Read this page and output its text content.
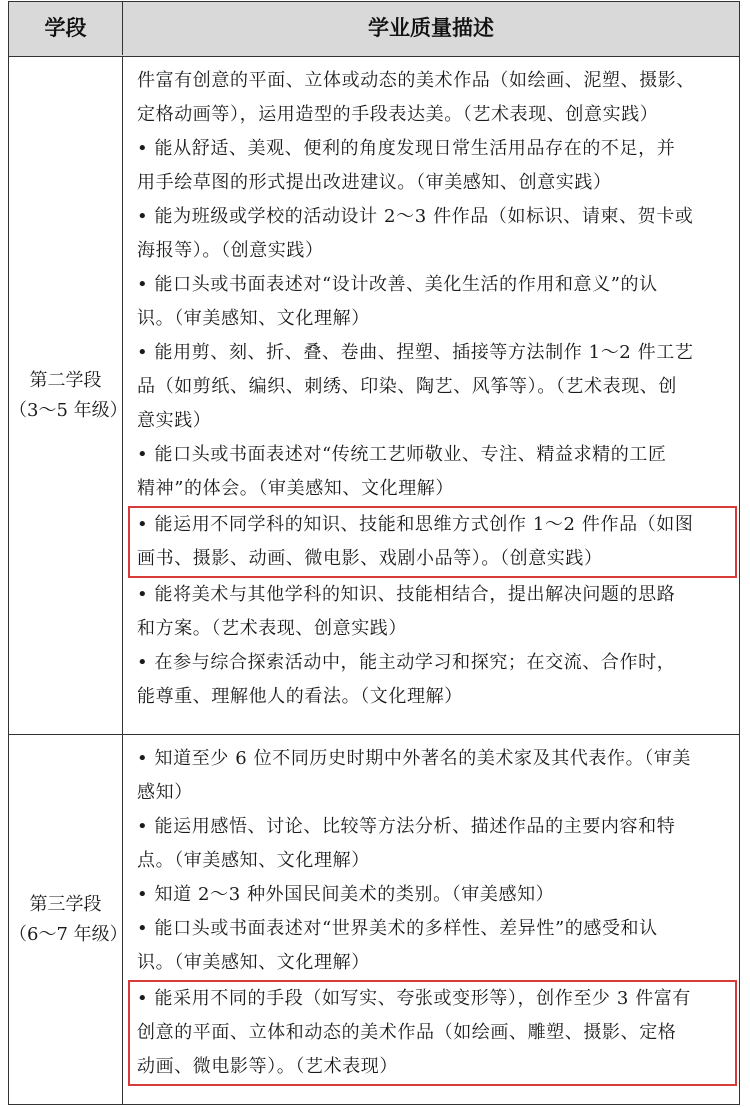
学段	学业质量描述
第二学段
（3～5 年级）

件富有创意的平面、立体或动态的美术作品（如绘画、泥塑、摄影、
定格动画等），运用造型的手段表达美。（艺术表现、创意实践）

• 能从舒适、美观、便利的角度发现日常生活用品存在的不足，并
用手绘草图的形式提出改进建议。（审美感知、创意实践）

• 能为班级或学校的活动设计 2～3 件作品（如标识、请柬、贺卡或
海报等）。（创意实践）

• 能口头或书面表述对“设计改善、美化生活的作用和意义”的认
识。（审美感知、文化理解）

• 能用剪、刻、折、叠、卷曲、捏塑、插接等方法制作 1～2 件工艺
品（如剪纸、编织、刺绣、印染、陶艺、风筝等）。（艺术表现、创
意实践）

• 能口头或书面表述对“传统工艺师敬业、专注、精益求精的工匠
精神”的体会。（审美感知、文化理解）

• 能运用不同学科的知识、技能和思维方式创作 1～2 件作品（如图
画书、摄影、动画、微电影、戏剧小品等）。（创意实践）

• 能将美术与其他学科的知识、技能相结合，提出解决问题的思路
和方案。（艺术表现、创意实践）

• 在参与综合探索活动中，能主动学习和探究；在交流、合作时，
能尊重、理解他人的看法。（文化理解）

第三学段
（6～7 年级）

• 知道至少 6 位不同历史时期中外著名的美术家及其代表作。（审美
感知）

• 能运用感悟、讨论、比较等方法分析、描述作品的主要内容和特
点。（审美感知、文化理解）

• 知道 2～3 种外国民间美术的类别。（审美感知）

• 能口头或书面表述对“世界美术的多样性、差异性”的感受和认
识。（审美感知、文化理解）

• 能采用不同的手段（如写实、夸张或变形等），创作至少 3 件富有
创意的平面、立体和动态的美术作品（如绘画、雕塑、摄影、定格
动画、微电影等）。（艺术表现）
